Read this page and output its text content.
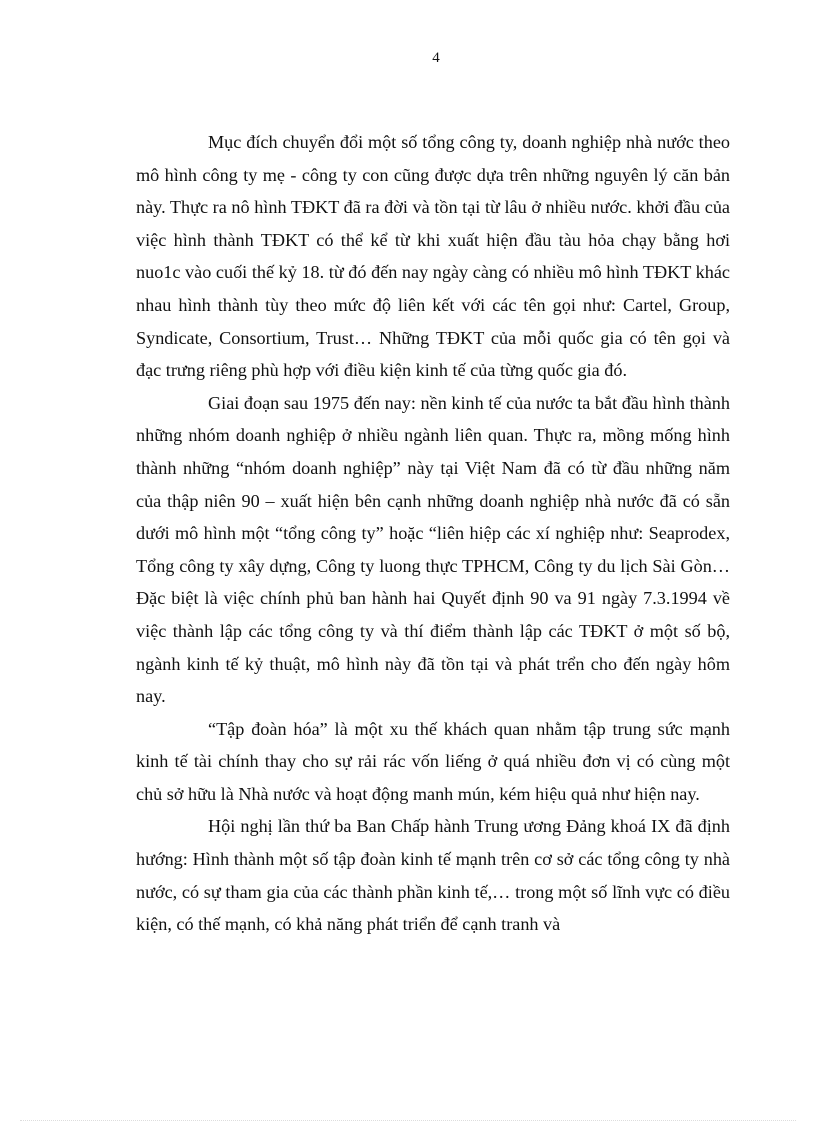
4

Mục đích chuyển đổi một số tổng công ty, doanh nghiệp nhà nước theo mô hình công ty mẹ - công ty con cũng được dựa trên những nguyên lý căn bản này. Thực ra nô hình TĐKT đã ra đời và tồn tại từ lâu ở nhiều nước. khởi đầu của việc hình thành TĐKT có thể kể từ khi xuất hiện đầu tàu hỏa chạy bằng hơi nuo1c vào cuối thế kỷ 18. từ đó đến nay ngày càng có nhiều mô hình TĐKT khác nhau hình thành tùy theo mức độ liên kết với các tên gọi như: Cartel, Group, Syndicate, Consortium, Trust… Những TĐKT của mỗi quốc gia có tên gọi và đạc trưng riêng phù hợp với điều kiện kinh tế của từng quốc gia đó.

Giai đoạn sau 1975 đến nay: nền kinh tế của nước ta bắt đầu hình thành những nhóm doanh nghiệp ở nhiều ngành liên quan. Thực ra, mồng mống hình thành những “nhóm doanh nghiệp” này tại Việt Nam đã có từ đầu những năm của thập niên 90 – xuất hiện bên cạnh những doanh nghiệp nhà nước đã có sẵn dưới mô hình một “tổng công ty” hoặc “liên hiệp các xí nghiệp như: Seaprodex, Tổng công ty xây dựng, Công ty luong thực TPHCM, Công ty du lịch Sài Gòn… Đặc biệt là việc chính phủ ban hành hai Quyết định 90 va 91 ngày 7.3.1994 về việc thành lập các tổng công ty và thí điểm thành lập các TĐKT ở một số bộ, ngành kinh tế kỷ thuật, mô hình này đã tồn tại và phát trển cho đến ngày hôm nay.

“Tập đoàn hóa” là một xu thế khách quan nhằm tập trung sức mạnh kinh tế tài chính thay cho sự rải rác vốn liếng ở quá nhiều đơn vị có cùng một chủ sở hữu là Nhà nước và hoạt động manh mún, kém hiệu quả như hiện nay.

Hội nghị lần thứ ba Ban Chấp hành Trung ương Đảng khoá IX đã định hướng: Hình thành một số tập đoàn kinh tế mạnh trên cơ sở các tổng công ty nhà nước, có sự tham gia của các thành phần kinh tế,… trong một số lĩnh vực có điều kiện, có thế mạnh, có khả năng phát triển để cạnh tranh và
